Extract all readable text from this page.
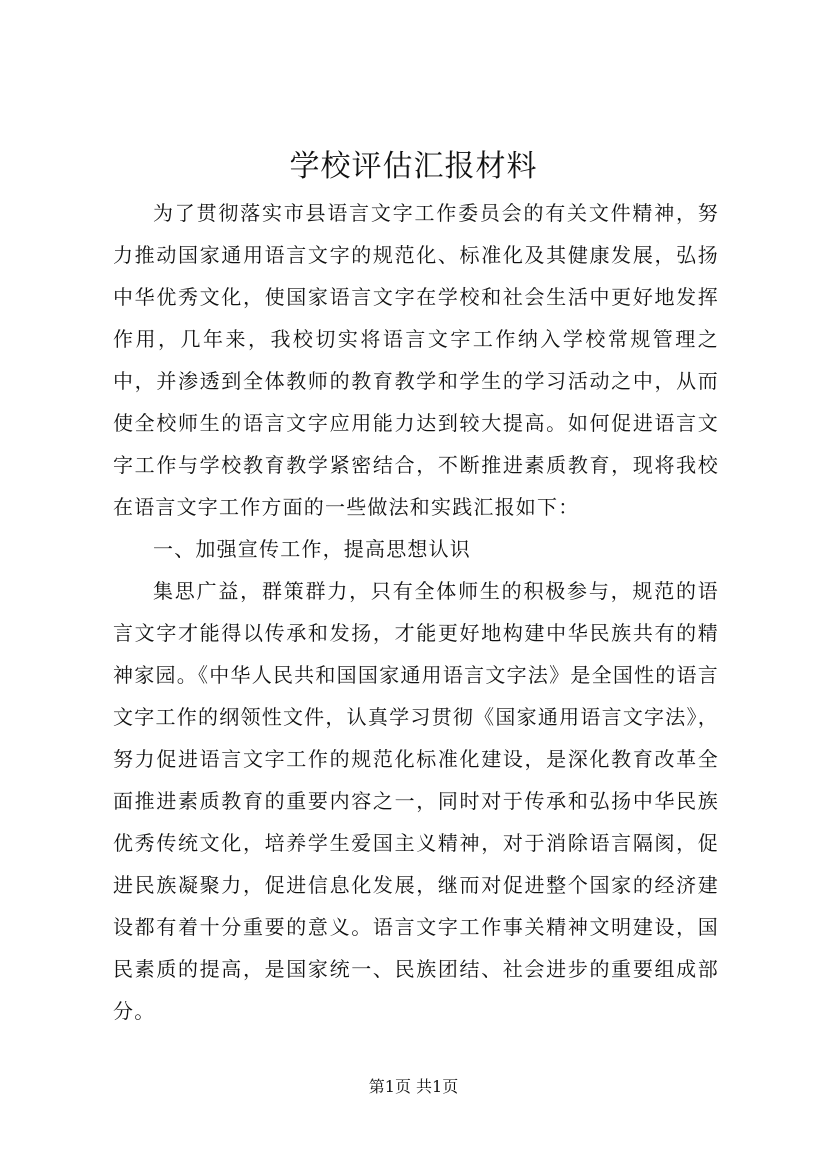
学校评估汇报材料

为了贯彻落实市县语言文字工作委员会的有关文件精神，努力推动国家通用语言文字的规范化、标准化及其健康发展，弘扬中华优秀文化，使国家语言文字在学校和社会生活中更好地发挥作用，几年来，我校切实将语言文字工作纳入学校常规管理之中，并渗透到全体教师的教育教学和学生的学习活动之中，从而使全校师生的语言文字应用能力达到较大提高。如何促进语言文字工作与学校教育教学紧密结合，不断推进素质教育，现将我校在语言文字工作方面的一些做法和实践汇报如下：

一、加强宣传工作，提高思想认识

集思广益，群策群力，只有全体师生的积极参与，规范的语言文字才能得以传承和发扬，才能更好地构建中华民族共有的精神家园。《中华人民共和国国家通用语言文字法》是全国性的语言文字工作的纲领性文件，认真学习贯彻《国家通用语言文字法》，努力促进语言文字工作的规范化标准化建设，是深化教育改革全面推进素质教育的重要内容之一，同时对于传承和弘扬中华民族优秀传统文化，培养学生爱国主义精神，对于消除语言隔阂，促进民族凝聚力，促进信息化发展，继而对促进整个国家的经济建设都有着十分重要的意义。语言文字工作事关精神文明建设，国民素质的提高，是国家统一、民族团结、社会进步的重要组成部分。

第1页 共1页
